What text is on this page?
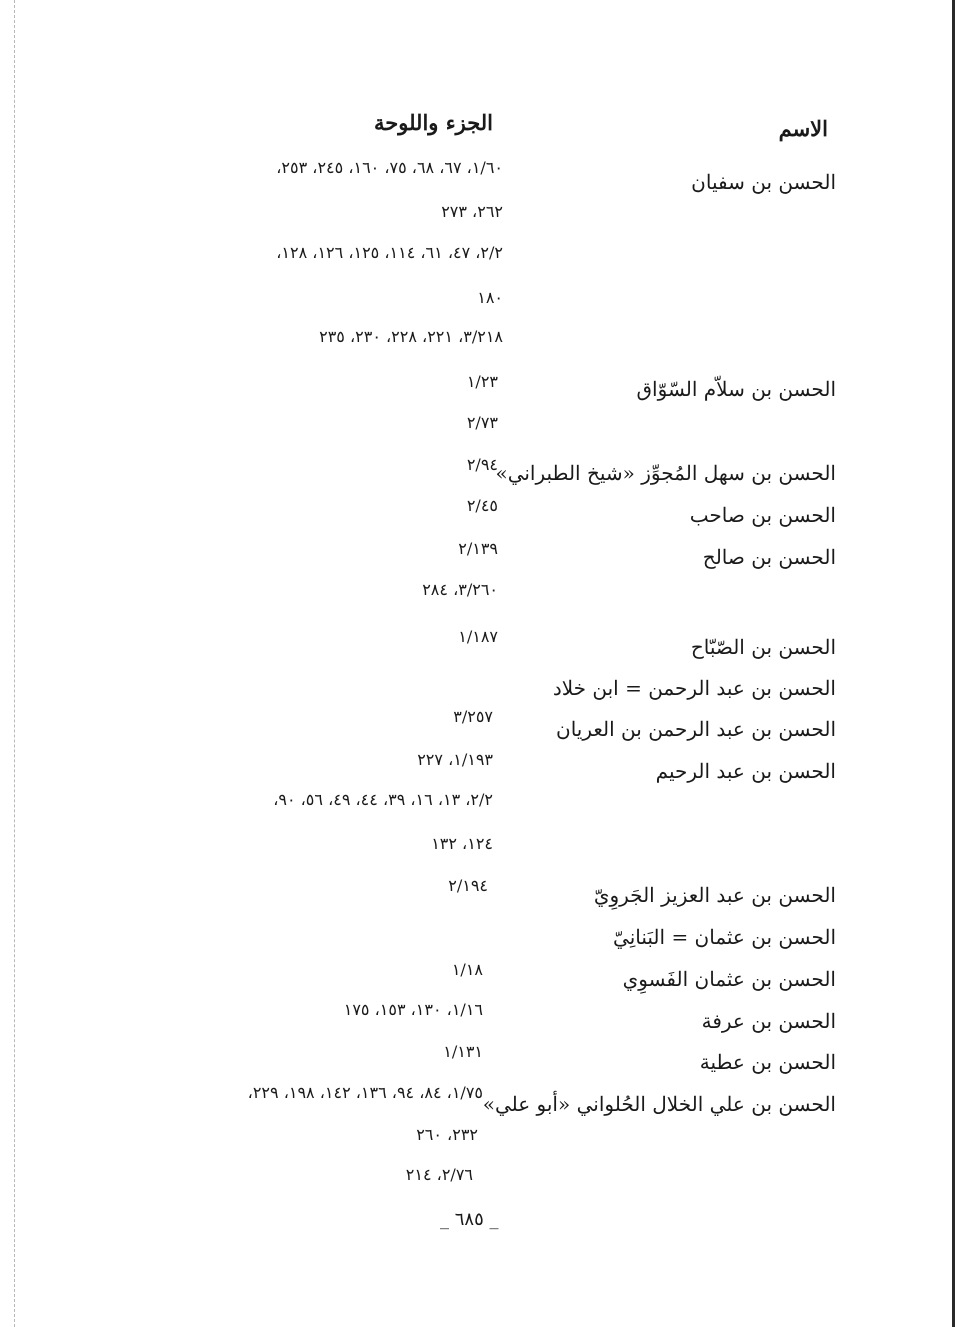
الاسم
الجزء واللوحة
الحسن بن سفيان
الحسن بن سلاّم السّوّاق
الحسن بن سهل المُجوِّز «شيخ الطبراني»
الحسن بن صاحب
الحسن بن صالح
الحسن بن الصّبّاح
الحسن بن عبد الرحمن = ابن خلاد
الحسن بن عبد الرحمن بن العريان
الحسن بن عبد الرحيم
الحسن بن عبد العزيز الجَروِيّ
الحسن بن عثمان = البَنانِيّ
الحسن بن عثمان الفَسوِي
الحسن بن عرفة
الحسن بن عطية
الحسن بن علي الخلال الحُلواني «أبو علي»
١/٦٠، ٦٧، ٦٨، ٧٥، ١٦٠، ٢٤٥، ٢٥٣،
٢٦٢، ٢٧٣
٢/٢، ٤٧، ٦١، ١١٤، ١٢٥، ١٢٦، ١٢٨،
١٨٠
٣/٢١٨، ٢٢١، ٢٢٨، ٢٣٠، ٢٣٥
١/٢٣
٢/٧٣
٢/٩٤
٢/٤٥
٢/١٣٩
٣/٢٦٠، ٢٨٤
١/١٨٧
٣/٢٥٧
١/١٩٣، ٢٢٧
٢/٢، ١٣، ١٦، ٣٩، ٤٤، ٤٩، ٥٦، ٩٠،
١٢٤، ١٣٢
٢/١٩٤
١/١٨
١/١٦، ١٣٠، ١٥٣، ١٧٥
١/١٣١
١/٧٥، ٨٤، ٩٤، ١٣٦، ١٤٢، ١٩٨، ٢٢٩،
٢٣٢، ٢٦٠
٢/٧٦، ٢١٤
_ ٦٨٥ _
